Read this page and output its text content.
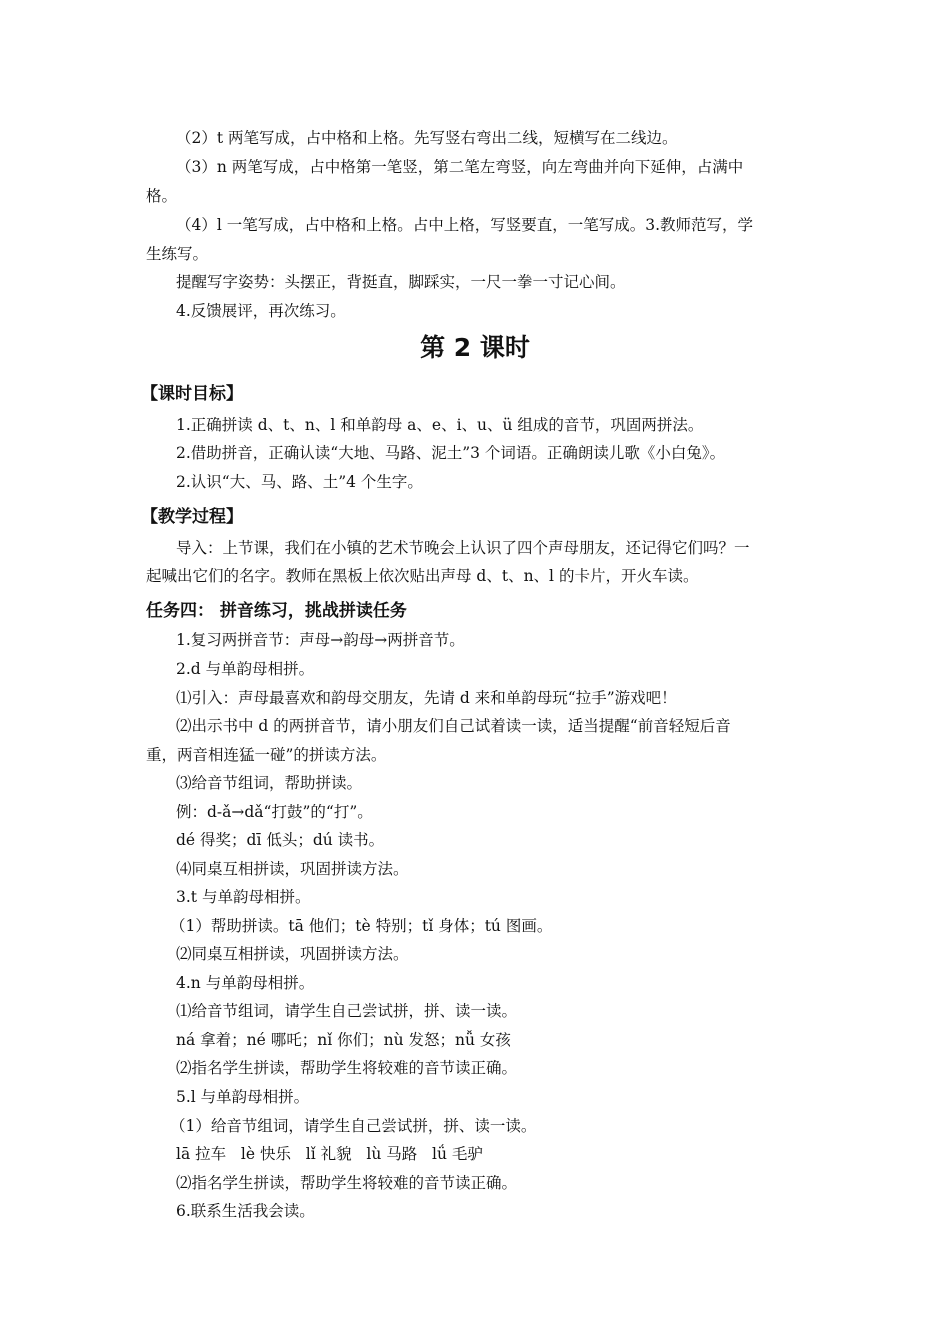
（2）t 两笔写成，占中格和上格。先写竖右弯出二线，短横写在二线边。
（3）n 两笔写成，占中格第一笔竖，第二笔左弯竖，向左弯曲并向下延伸，占满中
格。
（4）l 一笔写成，占中格和上格。占中上格，写竖要直，一笔写成。3.教师范写，学
生练写。
提醒写字姿势：头摆正，背挺直，脚踩实，一尺一拳一寸记心间。
4.反馈展评，再次练习。
第 2 课时
【课时目标】
1.正确拼读 d、t、n、l 和单韵母 a、e、i、u、ü 组成的音节，巩固两拼法。
2.借助拼音，正确认读“大地、马路、泥土”3 个词语。正确朗读儿歌《小白兔》。
2.认识“大、马、路、土”4 个生字。
【教学过程】
导入：上节课，我们在小镇的艺术节晚会上认识了四个声母朋友，还记得它们吗？一
起喊出它们的名字。教师在黑板上依次贴出声母 d、t、n、l 的卡片，开火车读。
任务四： 拼音练习，挑战拼读任务
1.复习两拼音节：声母→韵母→两拼音节。
2.d 与单韵母相拼。
⑴引入：声母最喜欢和韵母交朋友，先请 d 来和单韵母玩“拉手”游戏吧！
⑵出示书中 d 的两拼音节，请小朋友们自己试着读一读，适当提醒“前音轻短后音
重，两音相连猛一碰”的拼读方法。
⑶给音节组词，帮助拼读。
例：d-ǎ→dǎ“打鼓”的“打”。
dé 得奖；dī 低头；dú 读书。
⑷同桌互相拼读，巩固拼读方法。
3.t 与单韵母相拼。
（1）帮助拼读。tā 他们；tè 特别；tǐ 身体；tú 图画。
⑵同桌互相拼读，巩固拼读方法。
4.n 与单韵母相拼。
⑴给音节组词，请学生自己尝试拼，拼、读一读。
ná 拿着；né 哪吒；nǐ 你们；nù 发怒；nǚ 女孩
⑵指名学生拼读，帮助学生将较难的音节读正确。
5.l 与单韵母相拼。
（1）给音节组词，请学生自己尝试拼，拼、读一读。
lā 拉车   lè 快乐   lǐ 礼貌   lù 马路   lǘ 毛驴
⑵指名学生拼读，帮助学生将较难的音节读正确。
6.联系生活我会读。
